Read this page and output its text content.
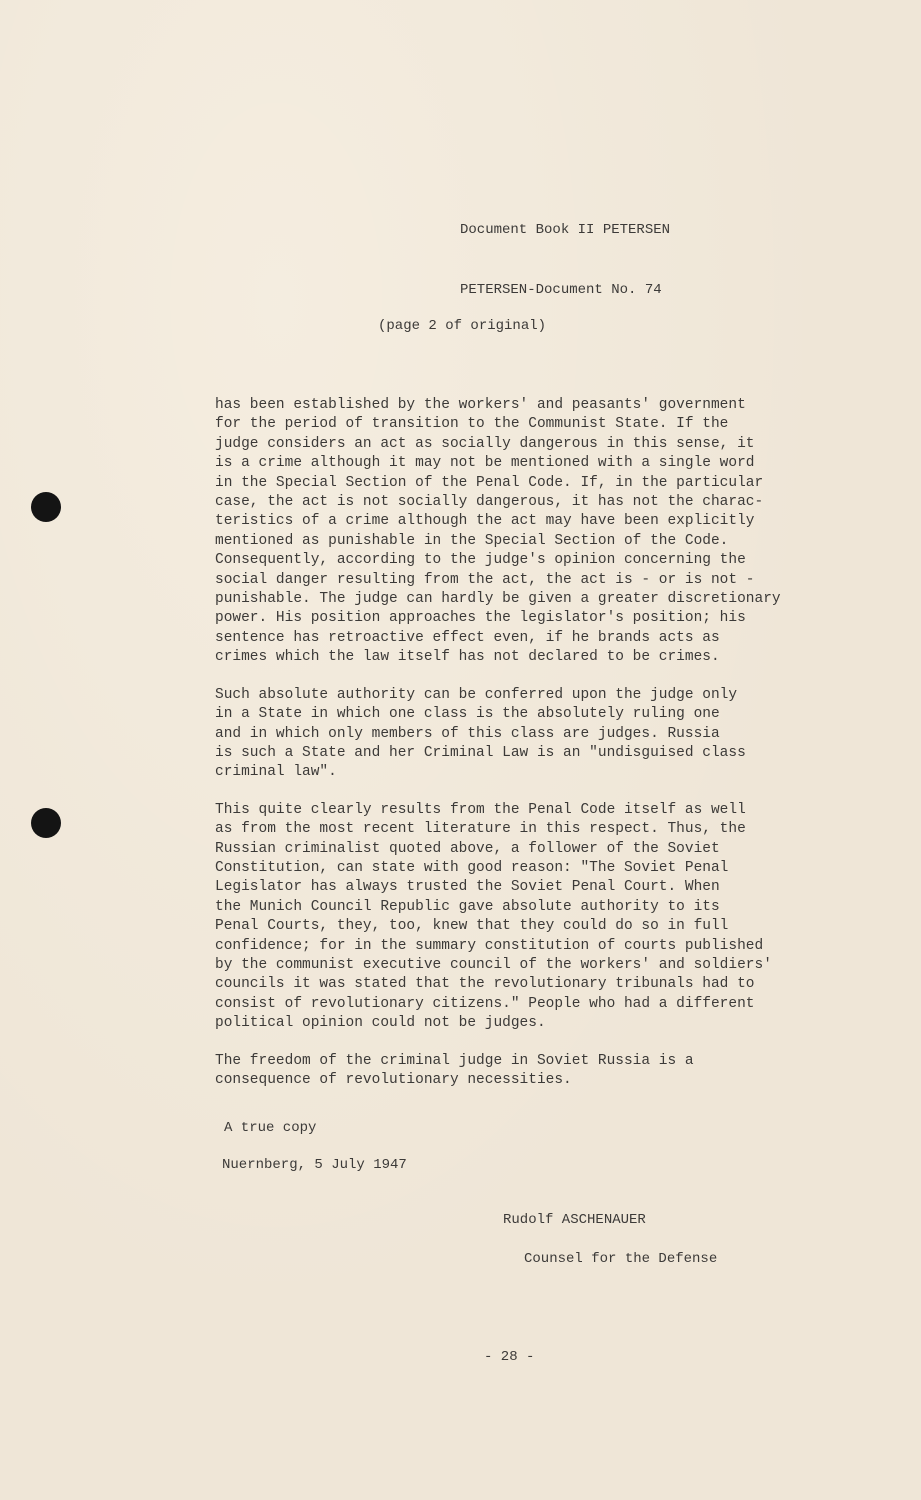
Document Book II PETERSEN

PETERSEN-Document No. 74

(page 2 of original)

has been established by the workers' and peasants' government
for the period of transition to the Communist State. If the
judge considers an act as socially dangerous in this sense, it
is a crime although it may not be mentioned with a single word
in the Special Section of the Penal Code. If, in the particular
case, the act is not socially dangerous, it has not the charac-
teristics of a crime although the act may have been explicitly
mentioned as punishable in the Special Section of the Code.
Consequently, according to the judge's opinion concerning the
social danger resulting from the act, the act is - or is not -
punishable. The judge can hardly be given a greater discretionary
power. His position approaches the legislator's position; his
sentence has retroactive effect even, if he brands acts as
crimes which the law itself has not declared to be crimes.

Such absolute authority can be conferred upon the judge only
in a State in which one class is the absolutely ruling one
and in which only members of this class are judges. Russia
is such a State and her Criminal Law is an "undisguised class
criminal law".

This quite clearly results from the Penal Code itself as well
as from the most recent literature in this respect. Thus, the
Russian criminalist quoted above, a follower of the Soviet
Constitution, can state with good reason: "The Soviet Penal
Legislator has always trusted the Soviet Penal Court. When
the Munich Council Republic gave absolute authority to its
Penal Courts, they, too, knew that they could do so in full
confidence; for in the summary constitution of courts published
by the communist executive council of the workers' and soldiers'
councils it was stated that the revolutionary tribunals had to
consist of revolutionary citizens." People who had a different
political opinion could not be judges.

The freedom of the criminal judge in Soviet Russia is a
consequence of revolutionary necessities.

A true copy
Nuernberg, 5 July 1947
Rudolf ASCHENAUER
Counsel for the Defense
- 28 -
